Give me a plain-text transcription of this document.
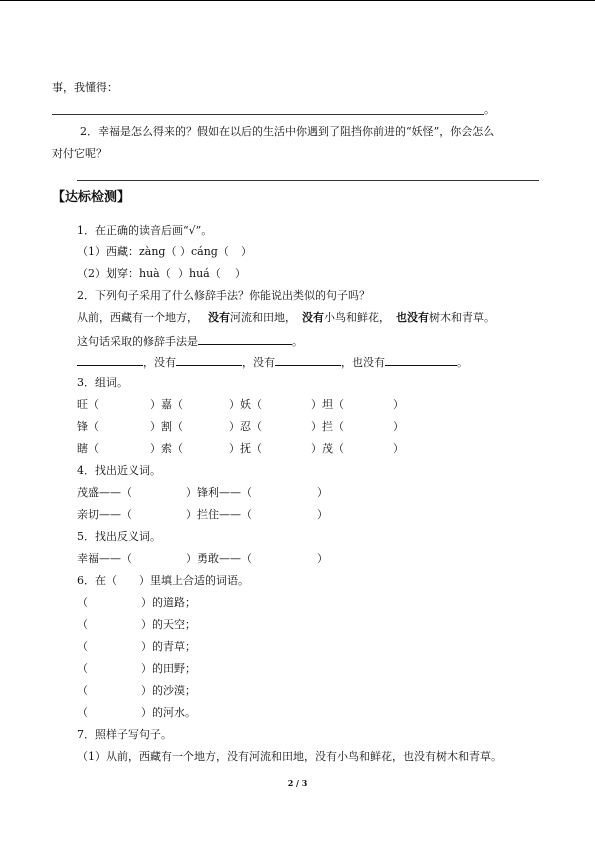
事，我懂得：
。
2．幸福是怎么得来的？假如在以后的生活中你遇到了阻挡你前进的“妖怪”，你会怎么
对付它呢？
【达标检测】
1．在正确的读音后画“√”。
（1）西藏：zànɡ（ ）cánɡ（ ）
（2）划穿：huà（ ）huá（ ）
2．下列句子采用了什么修辞手法？你能说出类似的句子吗？
从前，西藏有一个地方， 没有河流和田地， 没有小鸟和鲜花， 也没有树木和青草。
这句话采取的修辞手法是	。
，没有	，没有	，也没有	。
3．组词。
旺（	）嘉（	）妖（	）坦（	）
锋（	）割（	）忍（	）拦（	）
瞎（	）索（	）抚（	）茂（	）
4．找出近义词。
茂盛——（	）锋利——（	）
亲切——（	）拦住——（	）
5．找出反义词。
幸福——（	）勇敢——（	）
6．在（　　）里填上合适的词语。
（	）的道路；
（	）的天空；
（	）的青草；
（	）的田野；
（	）的沙漠；
（	）的河水。
7．照样子写句子。
（1）从前，西藏有一个地方，没有河流和田地，没有小鸟和鲜花，也没有树木和青草。
2 / 3
